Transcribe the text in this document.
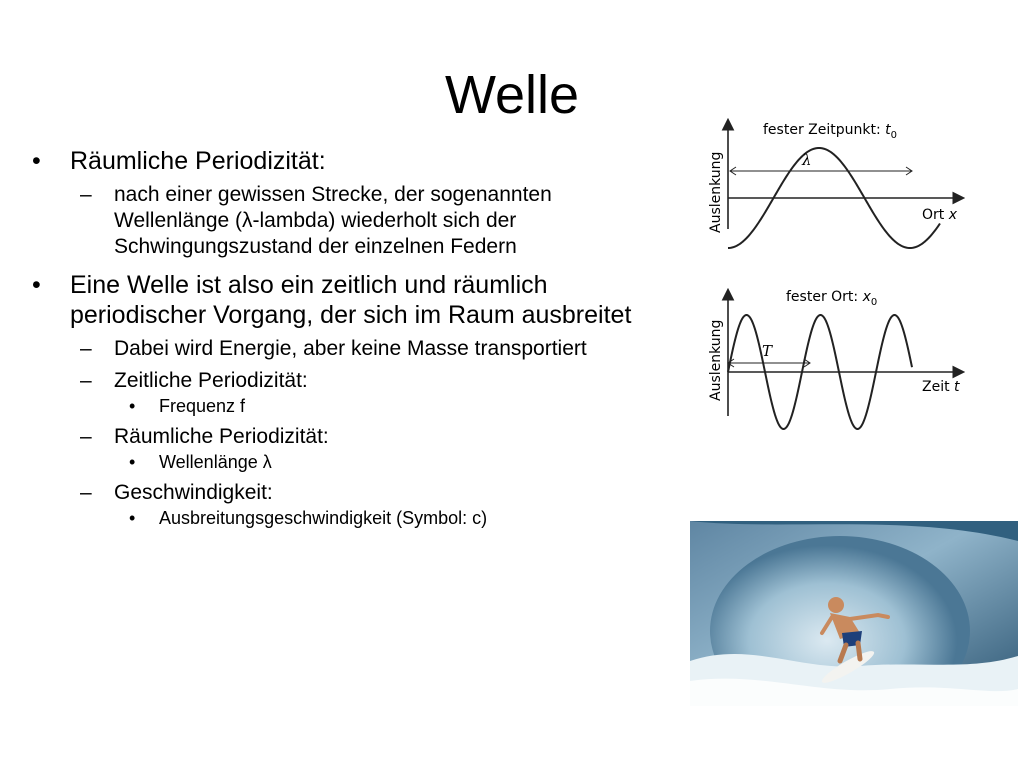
Welle
• Räumliche Periodizität:
– nach einer gewissen Strecke, der sogenannten Wellenlänge (λ-lambda) wiederholt sich der Schwingungszustand der einzelnen Federn
• Eine Welle ist also ein zeitlich und räumlich periodischer Vorgang, der sich im Raum ausbreitet
– Dabei wird Energie, aber keine Masse transportiert
– Zeitliche Periodizität:
• Frequenz f
– Räumliche Periodizität:
• Wellenlänge λ
– Geschwindigkeit:
• Ausbreitungsgeschwindigkeit (Symbol: c)
λ
fester Zeitpunkt: $t_0$
Ort x
Auslenkung
T
fester Ort: $x_0$
Zeit t
Auslenkung
